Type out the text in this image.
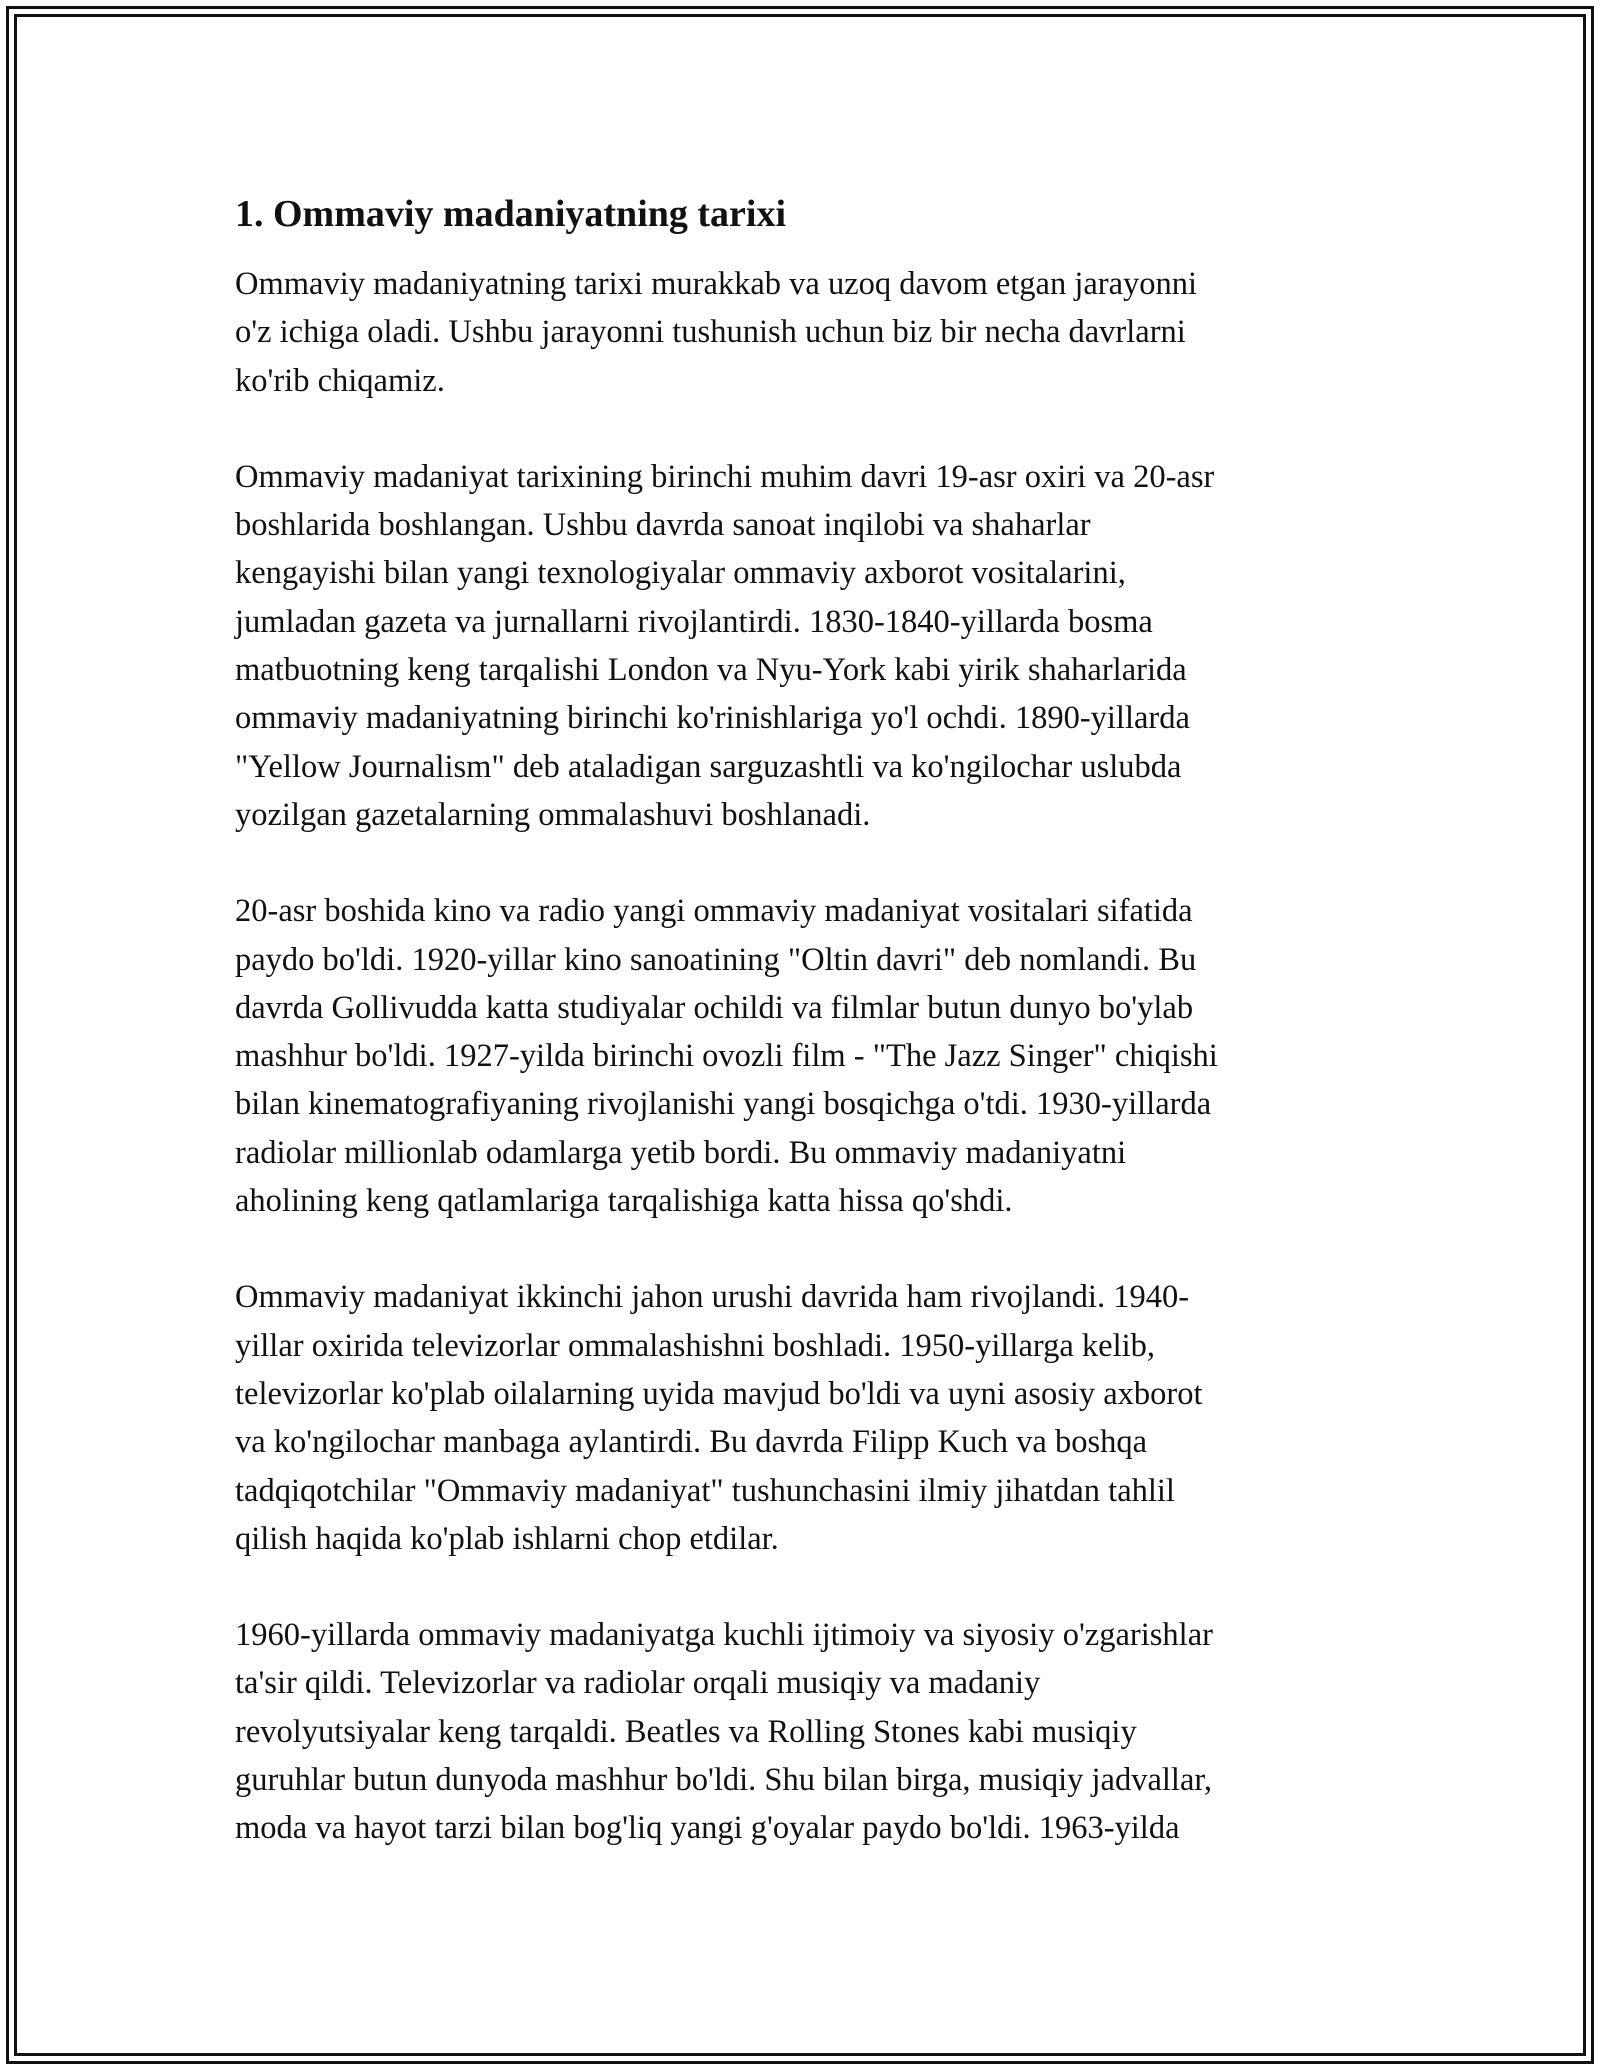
1. Ommaviy madaniyatning tarixi

Ommaviy madaniyatning tarixi murakkab va uzoq davom etgan jarayonni
o'z ichiga oladi. Ushbu jarayonni tushunish uchun biz bir necha davrlarni
ko'rib chiqamiz.

Ommaviy madaniyat tarixining birinchi muhim davri 19-asr oxiri va 20-asr
boshlarida boshlangan. Ushbu davrda sanoat inqilobi va shaharlar
kengayishi bilan yangi texnologiyalar ommaviy axborot vositalarini,
jumladan gazeta va jurnallarni rivojlantirdi. 1830-1840-yillarda bosma
matbuotning keng tarqalishi London va Nyu-York kabi yirik shaharlarida
ommaviy madaniyatning birinchi ko'rinishlariga yo'l ochdi. 1890-yillarda
"Yellow Journalism" deb ataladigan sarguzashtli va ko'ngilochar uslubda
yozilgan gazetalarning ommalashuvi boshlanadi.

20-asr boshida kino va radio yangi ommaviy madaniyat vositalari sifatida
paydo bo'ldi. 1920-yillar kino sanoatining "Oltin davri" deb nomlandi. Bu
davrda Gollivudda katta studiyalar ochildi va filmlar butun dunyo bo'ylab
mashhur bo'ldi. 1927-yilda birinchi ovozli film - "The Jazz Singer" chiqishi
bilan kinematografiyaning rivojlanishi yangi bosqichga o'tdi. 1930-yillarda
radiolar millionlab odamlarga yetib bordi. Bu ommaviy madaniyatni
aholining keng qatlamlariga tarqalishiga katta hissa qo'shdi.

Ommaviy madaniyat ikkinchi jahon urushi davrida ham rivojlandi. 1940-
yillar oxirida televizorlar ommalashishni boshladi. 1950-yillarga kelib,
televizorlar ko'plab oilalarning uyida mavjud bo'ldi va uyni asosiy axborot
va ko'ngilochar manbaga aylantirdi. Bu davrda Filipp Kuch va boshqa
tadqiqotchilar "Ommaviy madaniyat" tushunchasini ilmiy jihatdan tahlil
qilish haqida ko'plab ishlarni chop etdilar.

1960-yillarda ommaviy madaniyatga kuchli ijtimoiy va siyosiy o'zgarishlar
ta'sir qildi. Televizorlar va radiolar orqali musiqiy va madaniy
revolyutsiyalar keng tarqaldi. Beatles va Rolling Stones kabi musiqiy
guruhlar butun dunyoda mashhur bo'ldi. Shu bilan birga, musiqiy jadvallar,
moda va hayot tarzi bilan bog'liq yangi g'oyalar paydo bo'ldi. 1963-yilda
